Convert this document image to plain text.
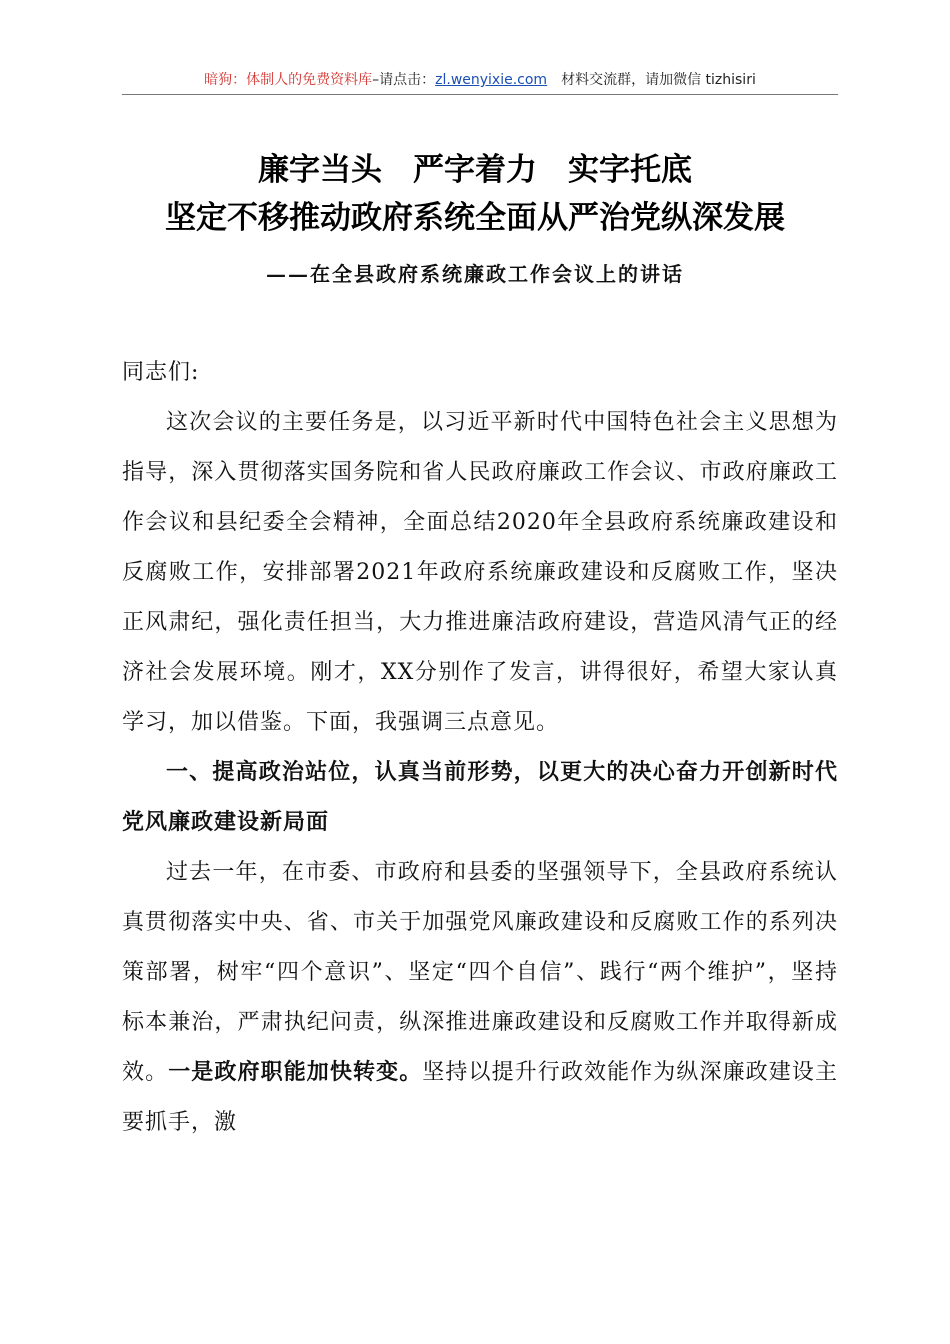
暗狗：体制人的免费资料库–请点击：zl.wenyixie.com 材料交流群，请加微信 tizhisiri
廉字当头　严字着力　实字托底
坚定不移推动政府系统全面从严治党纵深发展
——在全县政府系统廉政工作会议上的讲话

同志们:

这次会议的主要任务是，以习近平新时代中国特色社会主义思想为指导，深入贯彻落实国务院和省人民政府廉政工作会议、市政府廉政工作会议和县纪委全会精神，全面总结2020年全县政府系统廉政建设和反腐败工作，安排部署2021年政府系统廉政建设和反腐败工作，坚决正风肃纪，强化责任担当，大力推进廉洁政府建设，营造风清气正的经济社会发展环境。刚才，XX分别作了发言，讲得很好，希望大家认真学习，加以借鉴。下面，我强调三点意见。

一、提高政治站位，认真当前形势，以更大的决心奋力开创新时代党风廉政建设新局面

过去一年，在市委、市政府和县委的坚强领导下，全县政府系统认真贯彻落实中央、省、市关于加强党风廉政建设和反腐败工作的系列决策部署，树牢“四个意识”、坚定“四个自信”、践行“两个维护”，坚持标本兼治，严肃执纪问责，纵深推进廉政建设和反腐败工作并取得新成效。一是政府职能加快转变。坚持以提升行政效能作为纵深廉政建设主要抓手，激
